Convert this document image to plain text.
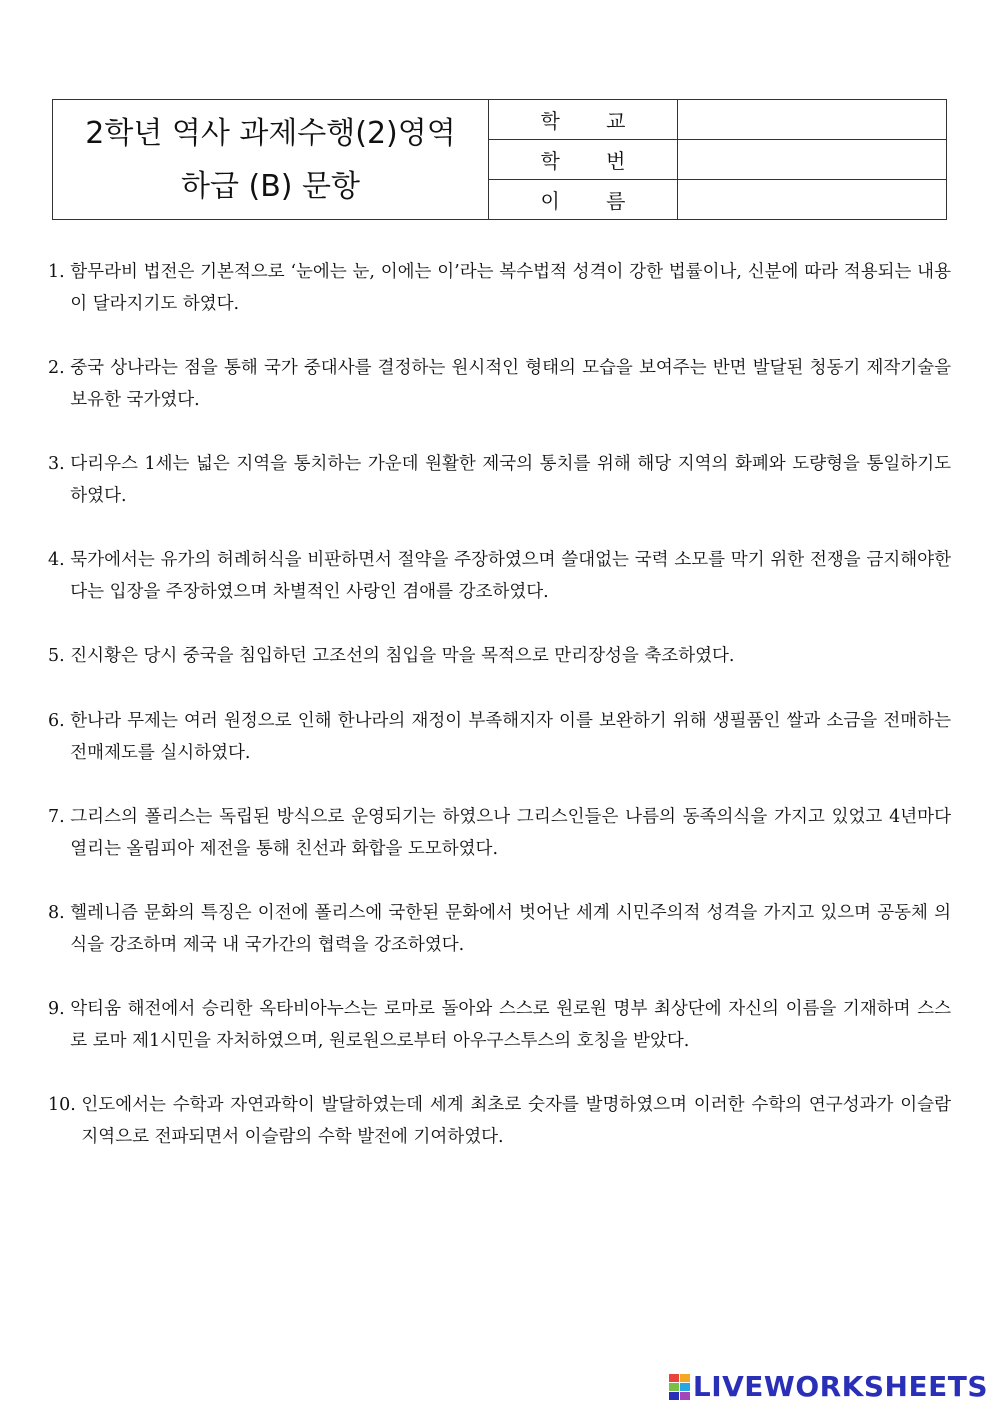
2학년 역사 과제수행(2)영역
하급 (B) 문항
학 교
학 번
이 름
1. 함무라비 법전은 기본적으로 ‘눈에는 눈, 이에는 이’라는 복수법적 성격이 강한 법률이나, 신분에 따라 적용되는 내용이 달라지기도 하였다.
2. 중국 상나라는 점을 통해 국가 중대사를 결정하는 원시적인 형태의 모습을 보여주는 반면 발달된 청동기 제작기술을 보유한 국가였다.
3. 다리우스 1세는 넓은 지역을 통치하는 가운데 원활한 제국의 통치를 위해 해당 지역의 화폐와 도량형을 통일하기도 하였다.
4. 묵가에서는 유가의 허례허식을 비판하면서 절약을 주장하였으며 쓸대없는 국력 소모를 막기 위한 전쟁을 금지해야한다는 입장을 주장하였으며 차별적인 사랑인 겸애를 강조하였다.
5. 진시황은 당시 중국을 침입하던 고조선의 침입을 막을 목적으로 만리장성을 축조하였다.
6. 한나라 무제는 여러 원정으로 인해 한나라의 재정이 부족해지자 이를 보완하기 위해 생필품인 쌀과 소금을 전매하는 전매제도를 실시하였다.
7. 그리스의 폴리스는 독립된 방식으로 운영되기는 하였으나 그리스인들은 나름의 동족의식을 가지고 있었고 4년마다 열리는 올림피아 제전을 통해 친선과 화합을 도모하였다.
8. 헬레니즘 문화의 특징은 이전에 폴리스에 국한된 문화에서 벗어난 세계 시민주의적 성격을 가지고 있으며 공동체 의식을 강조하며 제국 내 국가간의 협력을 강조하였다.
9. 악티움 해전에서 승리한 옥타비아누스는 로마로 돌아와 스스로 원로원 명부 최상단에 자신의 이름을 기재하며 스스로 로마 제1시민을 자처하였으며, 원로원으로부터 아우구스투스의 호칭을 받았다.
10. 인도에서는 수학과 자연과학이 발달하였는데 세계 최초로 숫자를 발명하였으며 이러한 수학의 연구성과가 이슬람 지역으로 전파되면서 이슬람의 수학 발전에 기여하였다.
LIVEWORKSHEETS
